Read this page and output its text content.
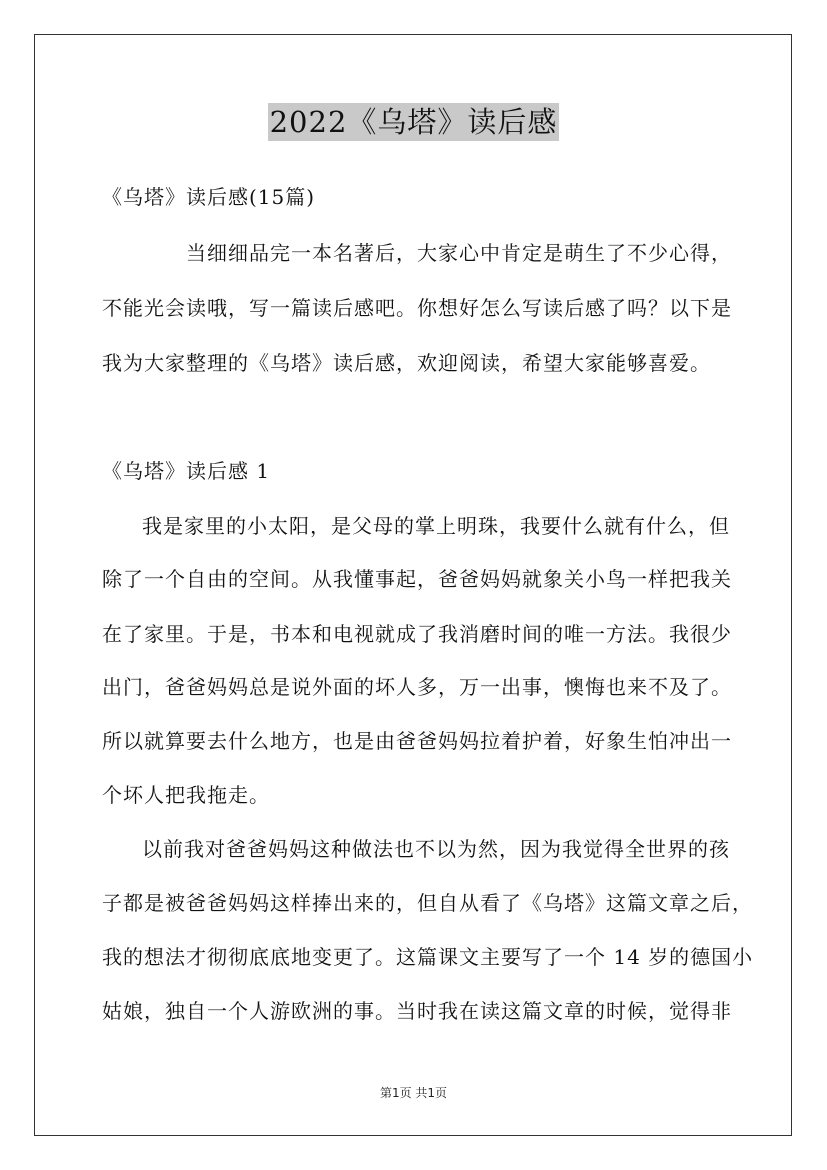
2022《乌塔》读后感
《乌塔》读后感(15篇)
当细细品完一本名著后，大家心中肯定是萌生了不少心得，
不能光会读哦，写一篇读后感吧。你想好怎么写读后感了吗？以下是
我为大家整理的《乌塔》读后感，欢迎阅读，希望大家能够喜爱。
《乌塔》读后感 1
我是家里的小太阳，是父母的掌上明珠，我要什么就有什么，但
除了一个自由的空间。从我懂事起，爸爸妈妈就象关小鸟一样把我关
在了家里。于是，书本和电视就成了我消磨时间的唯一方法。我很少
出门，爸爸妈妈总是说外面的坏人多，万一出事，懊悔也来不及了。
所以就算要去什么地方，也是由爸爸妈妈拉着护着，好象生怕冲出一
个坏人把我拖走。
以前我对爸爸妈妈这种做法也不以为然，因为我觉得全世界的孩
子都是被爸爸妈妈这样捧出来的，但自从看了《乌塔》这篇文章之后，
我的想法才彻彻底底地变更了。这篇课文主要写了一个 14 岁的德国小
姑娘，独自一个人游欧洲的事。当时我在读这篇文章的时候，觉得非
第1页 共1页
